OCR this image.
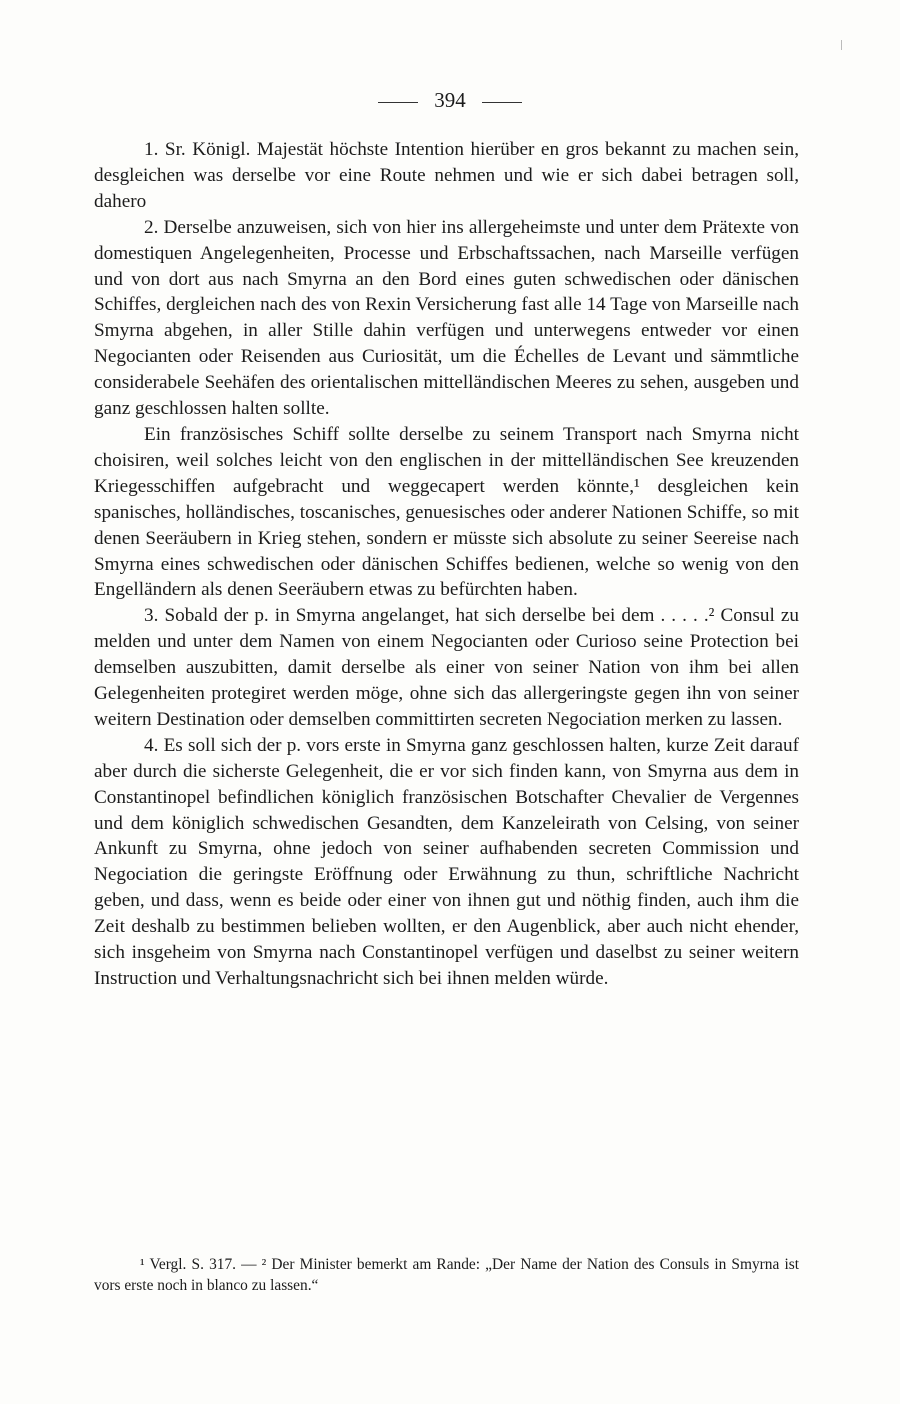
394

1. Sr. Königl. Majestät höchste Intention hierüber en gros bekannt zu machen sein, desgleichen was derselbe vor eine Route nehmen und wie er sich dabei betragen soll, dahero

2. Derselbe anzuweisen, sich von hier ins allergeheimste und unter dem Prätexte von domestiquen Angelegenheiten, Processe und Erbschaftssachen, nach Marseille verfügen und von dort aus nach Smyrna an den Bord eines guten schwedischen oder dänischen Schiffes, dergleichen nach des von Rexin Versicherung fast alle 14 Tage von Marseille nach Smyrna abgehen, in aller Stille dahin verfügen und unterwegens entweder vor einen Negocianten oder Reisenden aus Curiosität, um die Échelles de Levant und sämmtliche considerabele Seehäfen des orientalischen mittelländischen Meeres zu sehen, ausgeben und ganz geschlossen halten sollte.

Ein französisches Schiff sollte derselbe zu seinem Transport nach Smyrna nicht choisiren, weil solches leicht von den englischen in der mittelländischen See kreuzenden Kriegesschiffen aufgebracht und weggecapert werden könnte,¹ desgleichen kein spanisches, holländisches, toscanisches, genuesisches oder anderer Nationen Schiffe, so mit denen Seeräubern in Krieg stehen, sondern er müsste sich absolute zu seiner Seereise nach Smyrna eines schwedischen oder dänischen Schiffes bedienen, welche so wenig von den Engelländern als denen Seeräubern etwas zu befürchten haben.

3. Sobald der p. in Smyrna angelanget, hat sich derselbe bei dem . . . . .² Consul zu melden und unter dem Namen von einem Negocianten oder Curioso seine Protection bei demselben auszubitten, damit derselbe als einer von seiner Nation von ihm bei allen Gelegenheiten protegiret werden möge, ohne sich das allergeringste gegen ihn von seiner weitern Destination oder demselben committirten secreten Negociation merken zu lassen.

4. Es soll sich der p. vors erste in Smyrna ganz geschlossen halten, kurze Zeit darauf aber durch die sicherste Gelegenheit, die er vor sich finden kann, von Smyrna aus dem in Constantinopel befindlichen königlich französischen Botschafter Chevalier de Vergennes und dem königlich schwedischen Gesandten, dem Kanzeleirath von Celsing, von seiner Ankunft zu Smyrna, ohne jedoch von seiner aufhabenden secreten Commission und Negociation die geringste Eröffnung oder Erwähnung zu thun, schriftliche Nachricht geben, und dass, wenn es beide oder einer von ihnen gut und nöthig finden, auch ihm die Zeit deshalb zu bestimmen belieben wollten, er den Augenblick, aber auch nicht ehender, sich insgeheim von Smyrna nach Constantinopel verfügen und daselbst zu seiner weitern Instruction und Verhaltungsnachricht sich bei ihnen melden würde.

¹ Vergl. S. 317. — ² Der Minister bemerkt am Rande: „Der Name der Nation des Consuls in Smyrna ist vors erste noch in blanco zu lassen.“
